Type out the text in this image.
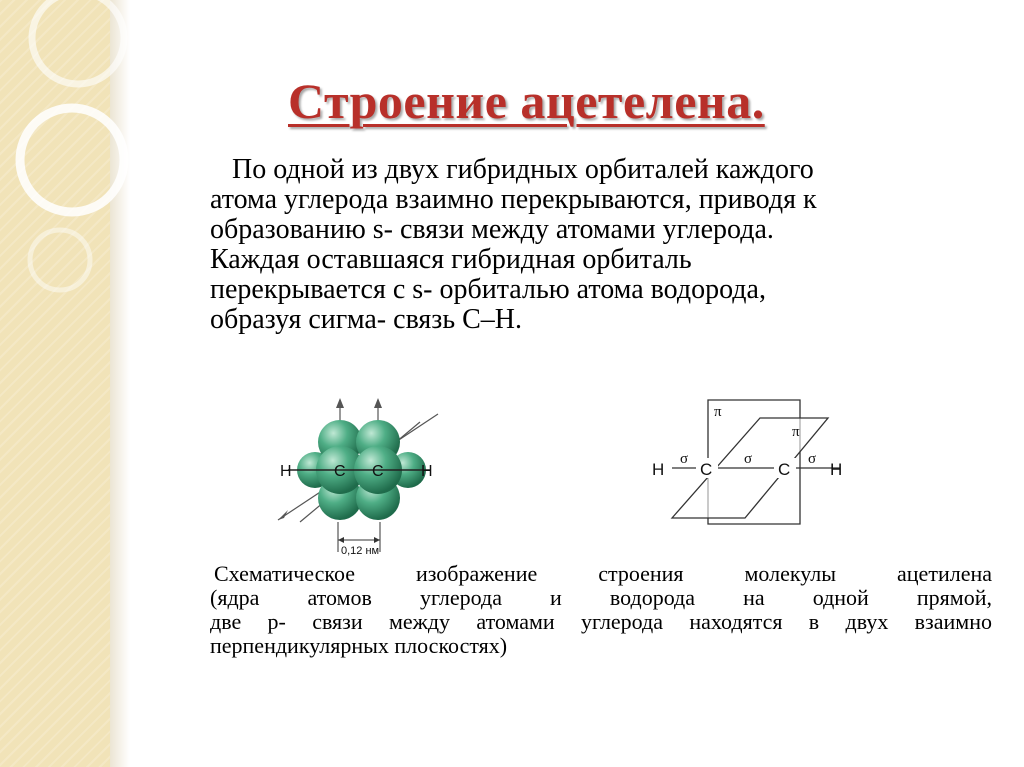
Строение ацетелена.
По одной из двух гибридных орбиталей каждого
атома углерода взаимно перекрываются, приводя к
образованию s- связи между атомами углерода.
Каждая оставшаяся гибридная орбиталь
перекрывается с s- орбиталью атома водорода,
образуя сигма- связь С–Н.
H	C C H
0,12 нм
C	C
H	H
σ	σ	σ
π
π
Схематическое изображение строения молекулы ацетилена
(ядра атомов углерода и водорода на одной прямой,
две p- связи между атомами углерода находятся в двух взаимно
перпендикулярных плоскостях)
